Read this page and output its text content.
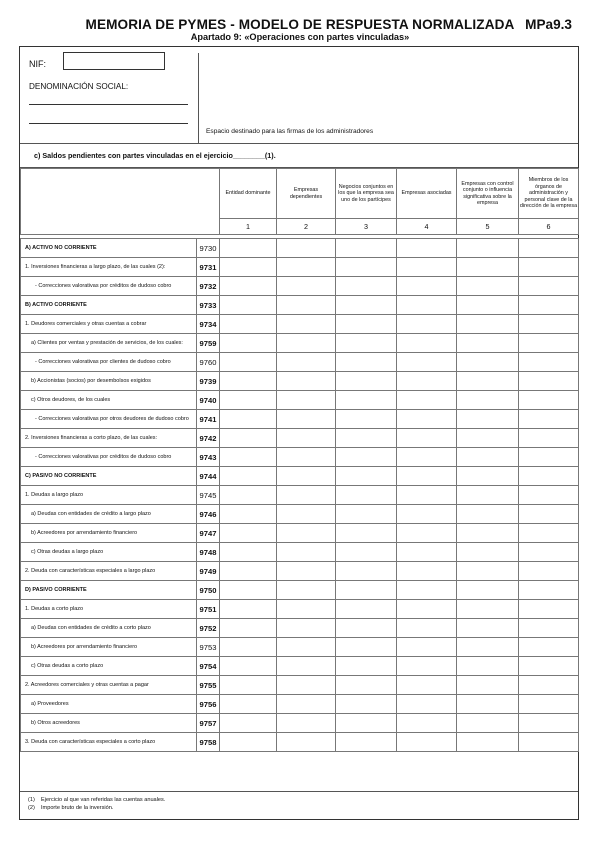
MEMORIA DE PYMES - MODELO DE RESPUESTA NORMALIZADA MPa9.3
Apartado 9: «Operaciones con partes vinculadas»
NIF:
DENOMINACIÓN SOCIAL:
Espacio destinado para las firmas de los administradores
c) Saldos pendientes con partes vinculadas en el ejercicio________(1).
		Entidad dominante	Empresas dependientes	Negocios conjuntos en los que la empresa sea uno de los partícipes	Empresas asociadas	Empresas con control conjunto o influencia significativa sobre la empresa	Miembros de los órganos de administración y personal clave de la dirección de la empresa
		1	2	3	4	5	6

A) ACTIVO NO CORRIENTE	9730						
1. Inversiones financieras a largo plazo, de las cuales (2):	9731						
- Correcciones valorativas por créditos de dudoso cobro	9732						
B) ACTIVO CORRIENTE	9733						
1. Deudores comerciales y otras cuentas a cobrar	9734						
a) Clientes por ventas y prestación de servicios, de los cuales:	9759						
- Correcciones valorativas por clientes de dudoso cobro	9760						
b) Accionistas (socios) por desembolsos exigidos	9739						
c) Otros deudores, de los cuales	9740						
- Correcciones valorativas por otros deudores de dudoso cobro	9741						
2. Inversiones financieras a corto plazo, de las cuales:	9742						
- Correcciones valorativas por créditos de dudoso cobro	9743						
C) PASIVO NO CORRIENTE	9744						
1. Deudas a largo plazo	9745						
a) Deudas con entidades de crédito a largo plazo	9746						
b) Acreedores por arrendamiento financiero	9747						
c) Otras deudas a largo plazo	9748						
2. Deuda con características especiales a largo plazo	9749						
D) PASIVO CORRIENTE	9750						
1. Deudas a corto plazo	9751						
a) Deudas con entidades de crédito a corto plazo	9752						
b) Acreedores por arrendamiento financiero	9753						
c) Otras deudas a corto plazo	9754						
2. Acreedores comerciales y otras cuentas a pagar	9755						
a) Proveedores	9756						
b) Otros acreedores	9757						
3. Deuda con características especiales a corto plazo	9758						
(1) Ejercicio al que van referidas las cuentas anuales.
(2) Importe bruto de la inversión.
